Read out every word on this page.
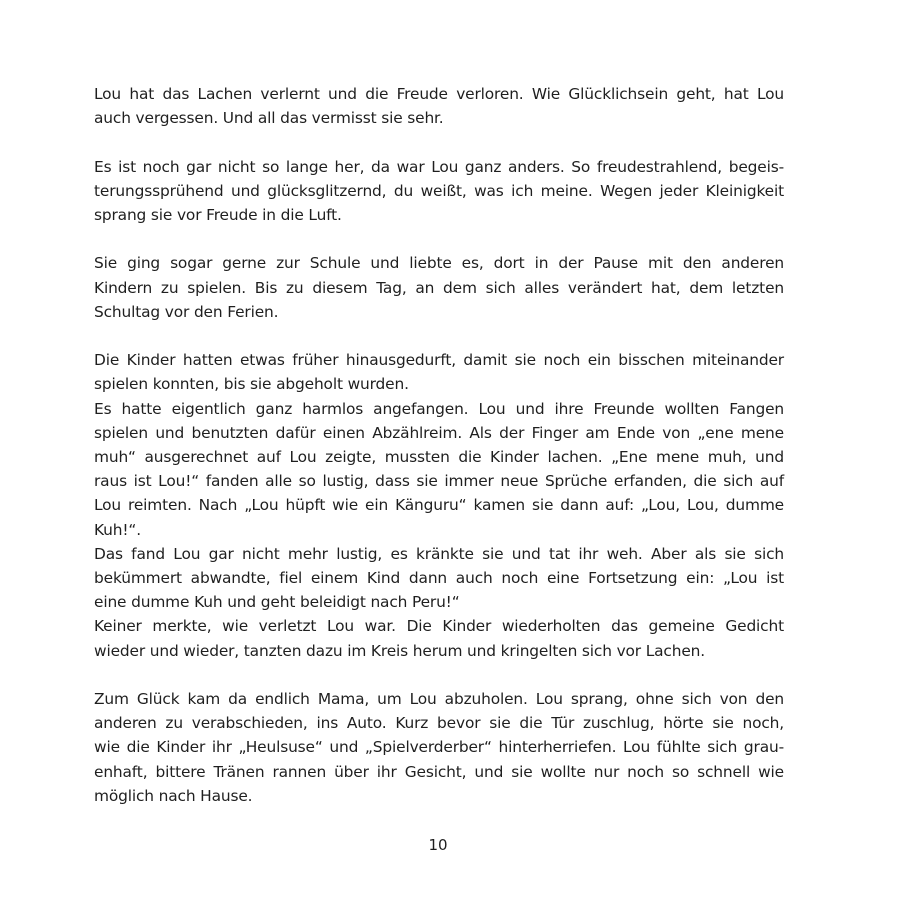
Lou hat das Lachen verlernt und die Freude verloren. Wie Glücklichsein geht, hat Lou
auch vergessen. Und all das vermisst sie sehr.

Es ist noch gar nicht so lange her, da war Lou ganz anders. So freudestrahlend, begeis-
terungssprühend und glücksglitzernd, du weißt, was ich meine. Wegen jeder Kleinigkeit
sprang sie vor Freude in die Luft.

Sie ging sogar gerne zur Schule und liebte es, dort in der Pause mit den anderen
Kindern zu spielen. Bis zu diesem Tag, an dem sich alles verändert hat, dem letzten
Schultag vor den Ferien.

Die Kinder hatten etwas früher hinausgedurft, damit sie noch ein bisschen miteinander
spielen konnten, bis sie abgeholt wurden.

Es hatte eigentlich ganz harmlos angefangen. Lou und ihre Freunde wollten Fangen
spielen und benutzten dafür einen Abzählreim. Als der Finger am Ende von „ene mene
muh“ ausgerechnet auf Lou zeigte, mussten die Kinder lachen. „Ene mene muh, und
raus ist Lou!“ fanden alle so lustig, dass sie immer neue Sprüche erfanden, die sich auf
Lou reimten. Nach „Lou hüpft wie ein Känguru“ kamen sie dann auf: „Lou, Lou, dumme
Kuh!“.

Das fand Lou gar nicht mehr lustig, es kränkte sie und tat ihr weh. Aber als sie sich
bekümmert abwandte, fiel einem Kind dann auch noch eine Fortsetzung ein: „Lou ist
eine dumme Kuh und geht beleidigt nach Peru!“

Keiner merkte, wie verletzt Lou war. Die Kinder wiederholten das gemeine Gedicht
wieder und wieder, tanzten dazu im Kreis herum und kringelten sich vor Lachen.

Zum Glück kam da endlich Mama, um Lou abzuholen. Lou sprang, ohne sich von den
anderen zu verabschieden, ins Auto. Kurz bevor sie die Tür zuschlug, hörte sie noch,
wie die Kinder ihr „Heulsuse“ und „Spielverderber“ hinterherriefen. Lou fühlte sich grau-
enhaft, bittere Tränen rannen über ihr Gesicht, und sie wollte nur noch so schnell wie
möglich nach Hause.

10
